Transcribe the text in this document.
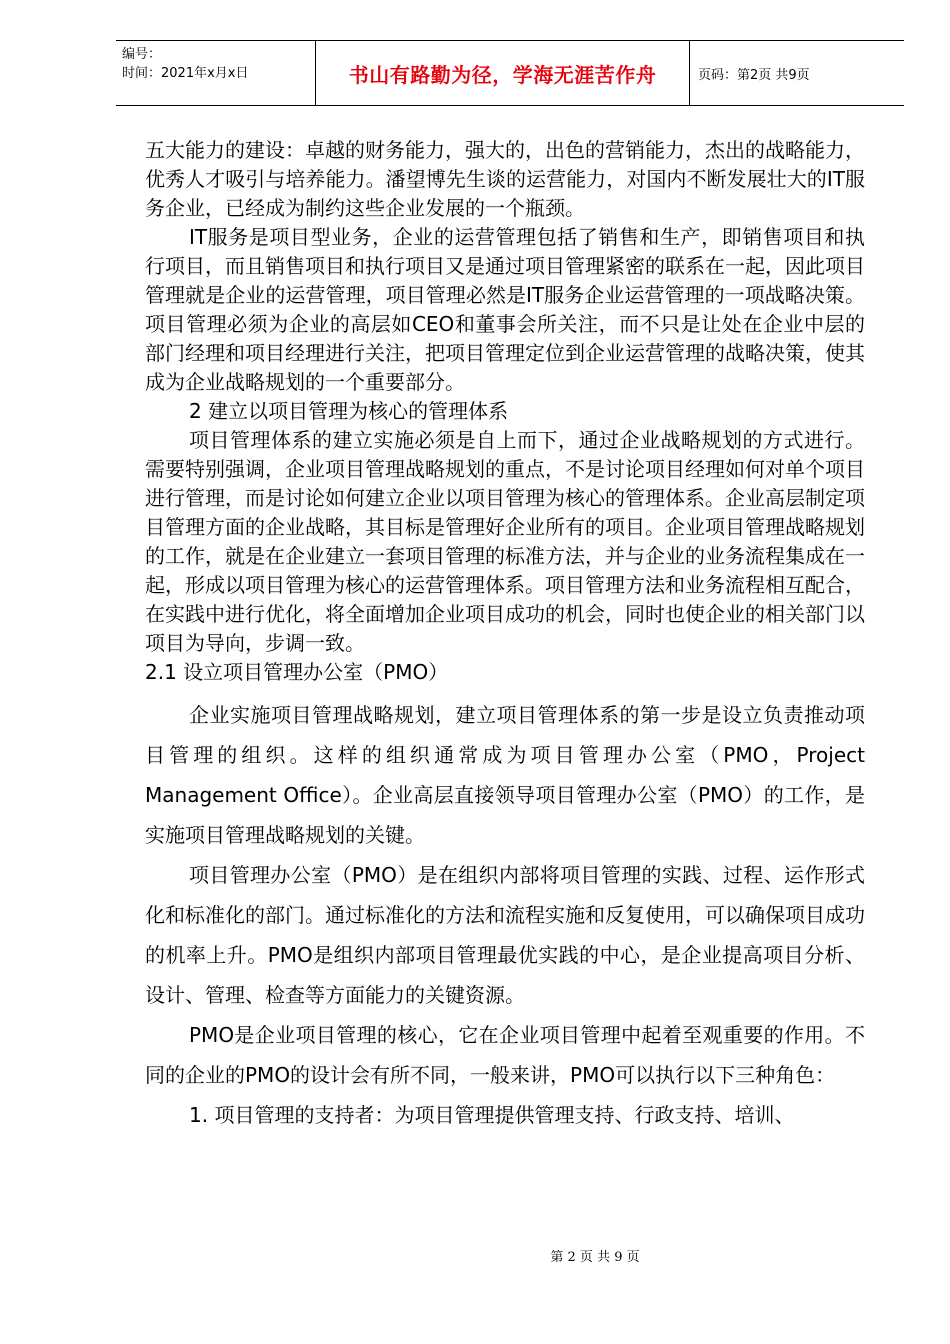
编号：
时间：2021年x月x日	书山有路勤为径，学海无涯苦作舟	页码：第2页 共9页

五大能力的建设：卓越的财务能力，强大的，出色的营销能力，杰出的战略能力，优秀人才吸引与培养能力。潘望博先生谈的运营能力，对国内不断发展壮大的IT服务企业，已经成为制约这些企业发展的一个瓶颈。

IT服务是项目型业务，企业的运营管理包括了销售和生产，即销售项目和执行项目，而且销售项目和执行项目又是通过项目管理紧密的联系在一起，因此项目管理就是企业的运营管理，项目管理必然是IT服务企业运营管理的一项战略决策。项目管理必须为企业的高层如CEO和董事会所关注，而不只是让处在企业中层的部门经理和项目经理进行关注，把项目管理定位到企业运营管理的战略决策，使其成为企业战略规划的一个重要部分。

2 建立以项目管理为核心的管理体系

项目管理体系的建立实施必须是自上而下，通过企业战略规划的方式进行。需要特别强调，企业项目管理战略规划的重点，不是讨论项目经理如何对单个项目进行管理，而是讨论如何建立企业以项目管理为核心的管理体系。企业高层制定项目管理方面的企业战略，其目标是管理好企业所有的项目。企业项目管理战略规划的工作，就是在企业建立一套项目管理的标准方法，并与企业的业务流程集成在一起，形成以项目管理为核心的运营管理体系。项目管理方法和业务流程相互配合，在实践中进行优化，将全面增加企业项目成功的机会，同时也使企业的相关部门以项目为导向，步调一致。

2.1 设立项目管理办公室（PMO）

企业实施项目管理战略规划，建立项目管理体系的第一步是设立负责推动项目管理的组织。这样的组织通常成为项目管理办公室（PMO，Project Management Office）。企业高层直接领导项目管理办公室（PMO）的工作，是实施项目管理战略规划的关键。

项目管理办公室（PMO）是在组织内部将项目管理的实践、过程、运作形式化和标准化的部门。通过标准化的方法和流程实施和反复使用，可以确保项目成功的机率上升。PMO是组织内部项目管理最优实践的中心，是企业提高项目分析、设计、管理、检查等方面能力的关键资源。

PMO是企业项目管理的核心，它在企业项目管理中起着至观重要的作用。不同的企业的PMO的设计会有所不同，一般来讲，PMO可以执行以下三种角色：

1. 项目管理的支持者：为项目管理提供管理支持、行政支持、培训、

第 2 页 共 9 页
